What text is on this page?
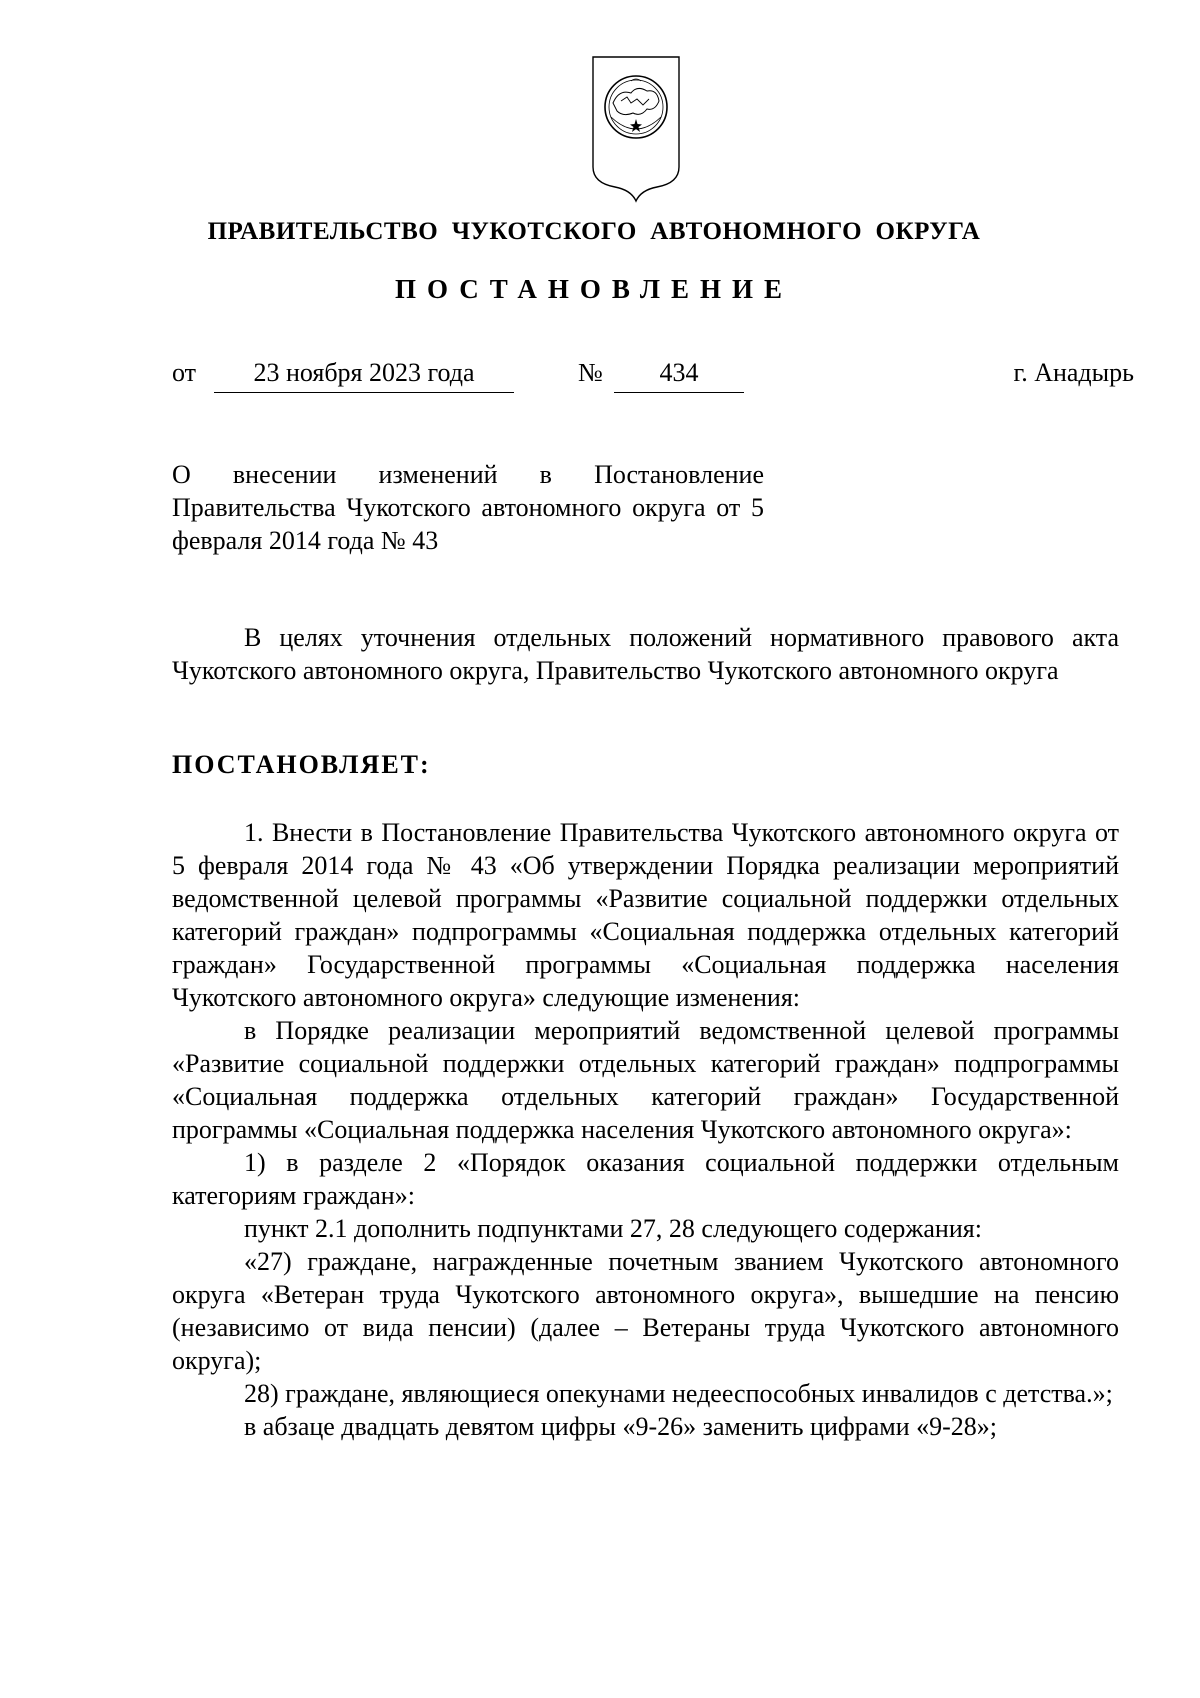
ПРАВИТЕЛЬСТВО  ЧУКОТСКОГО  АВТОНОМНОГО  ОКРУГА
ПОСТАНОВЛЕНИЕ
от	23 ноября 2023 года	№	434	г. Анадырь

О внесении изменений в Постановление Правительства Чукотского автономного округа от 5 февраля 2014 года № 43

В целях уточнения отдельных положений нормативного правового акта Чукотского автономного округа, Правительство Чукотского автономного округа

ПОСТАНОВЛЯЕТ:

1. Внести в Постановление Правительства Чукотского автономного округа от 5 февраля 2014 года № 43 «Об утверждении Порядка реализации мероприятий ведомственной целевой программы «Развитие социальной поддержки отдельных категорий граждан» подпрограммы «Социальная поддержка отдельных категорий граждан» Государственной программы «Социальная поддержка населения Чукотского автономного округа» следующие изменения:

в Порядке реализации мероприятий ведомственной целевой программы «Развитие социальной поддержки отдельных категорий граждан» подпрограммы «Социальная поддержка отдельных категорий граждан» Государственной программы «Социальная поддержка населения Чукотского автономного округа»:

1) в разделе 2 «Порядок оказания социальной поддержки отдельным категориям граждан»:

пункт 2.1 дополнить подпунктами 27, 28 следующего содержания:

«27) граждане, награжденные почетным званием Чукотского автономного округа «Ветеран труда Чукотского автономного округа», вышедшие на пенсию (независимо от вида пенсии) (далее – Ветераны труда Чукотского автономного округа);

28) граждане, являющиеся опекунами недееспособных инвалидов с детства.»;

в абзаце двадцать девятом цифры «9-26» заменить цифрами «9-28»;
